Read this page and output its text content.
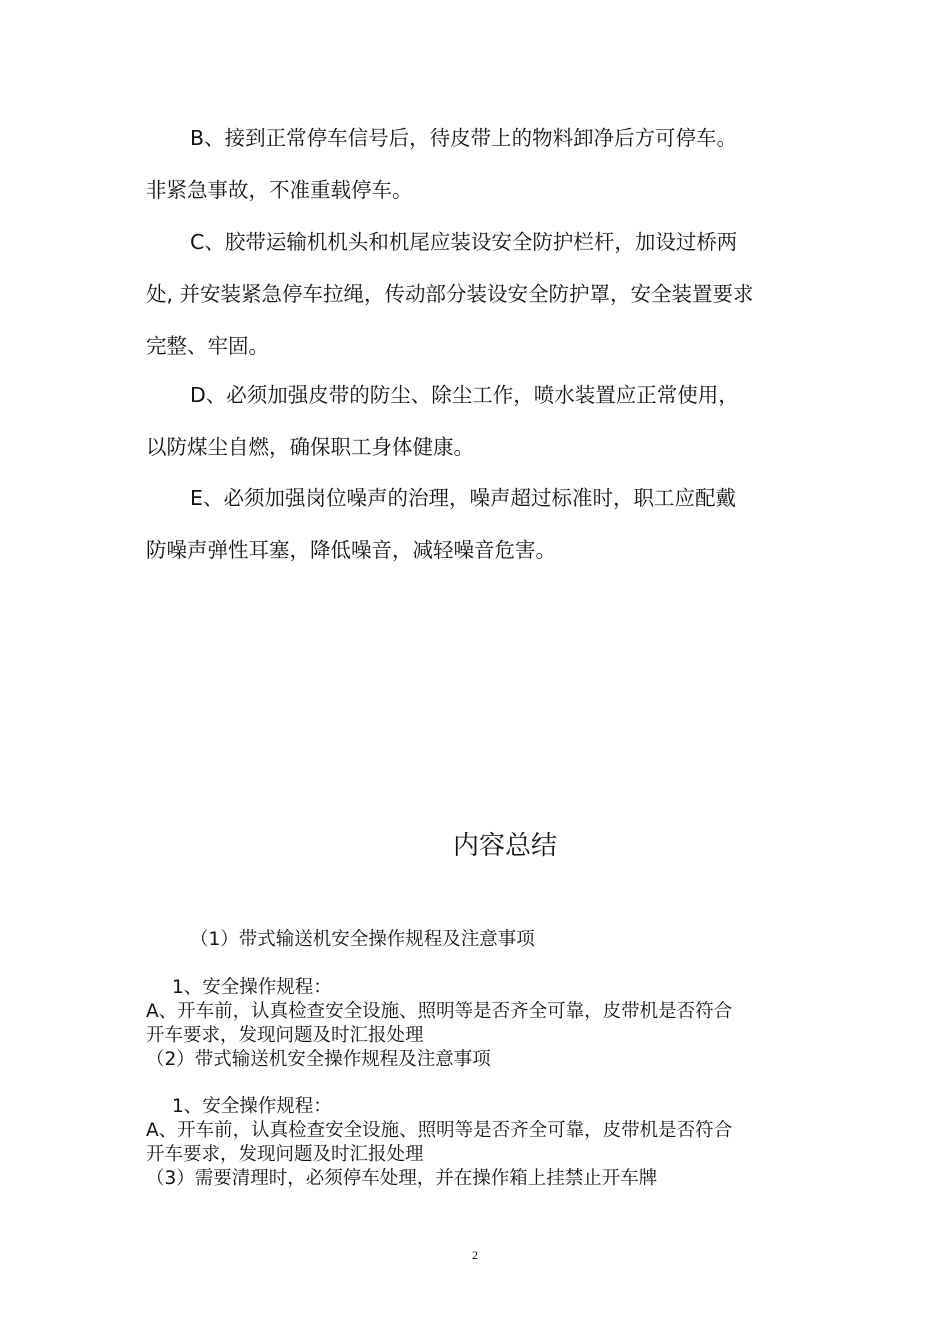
B、接到正常停车信号后，待皮带上的物料卸净后方可停车。
非紧急事故，不准重载停车。
C、胶带运输机机头和机尾应装设安全防护栏杆，加设过桥两
处, 并安装紧急停车拉绳，传动部分装设安全防护罩，安全装置要求
完整、牢固。
D、必须加强皮带的防尘、除尘工作，喷水装置应正常使用，
以防煤尘自燃，确保职工身体健康。
E、必须加强岗位噪声的治理，噪声超过标准时，职工应配戴
防噪声弹性耳塞，降低噪音，减轻噪音危害。
内容总结
（1）带式输送机安全操作规程及注意事项
1、安全操作规程：
A、开车前，认真检查安全设施、照明等是否齐全可靠，皮带机是否符合
开车要求，发现问题及时汇报处理
（2）带式输送机安全操作规程及注意事项
1、安全操作规程：
A、开车前，认真检查安全设施、照明等是否齐全可靠，皮带机是否符合
开车要求，发现问题及时汇报处理
（3）需要清理时，必须停车处理，并在操作箱上挂禁止开车牌
2
